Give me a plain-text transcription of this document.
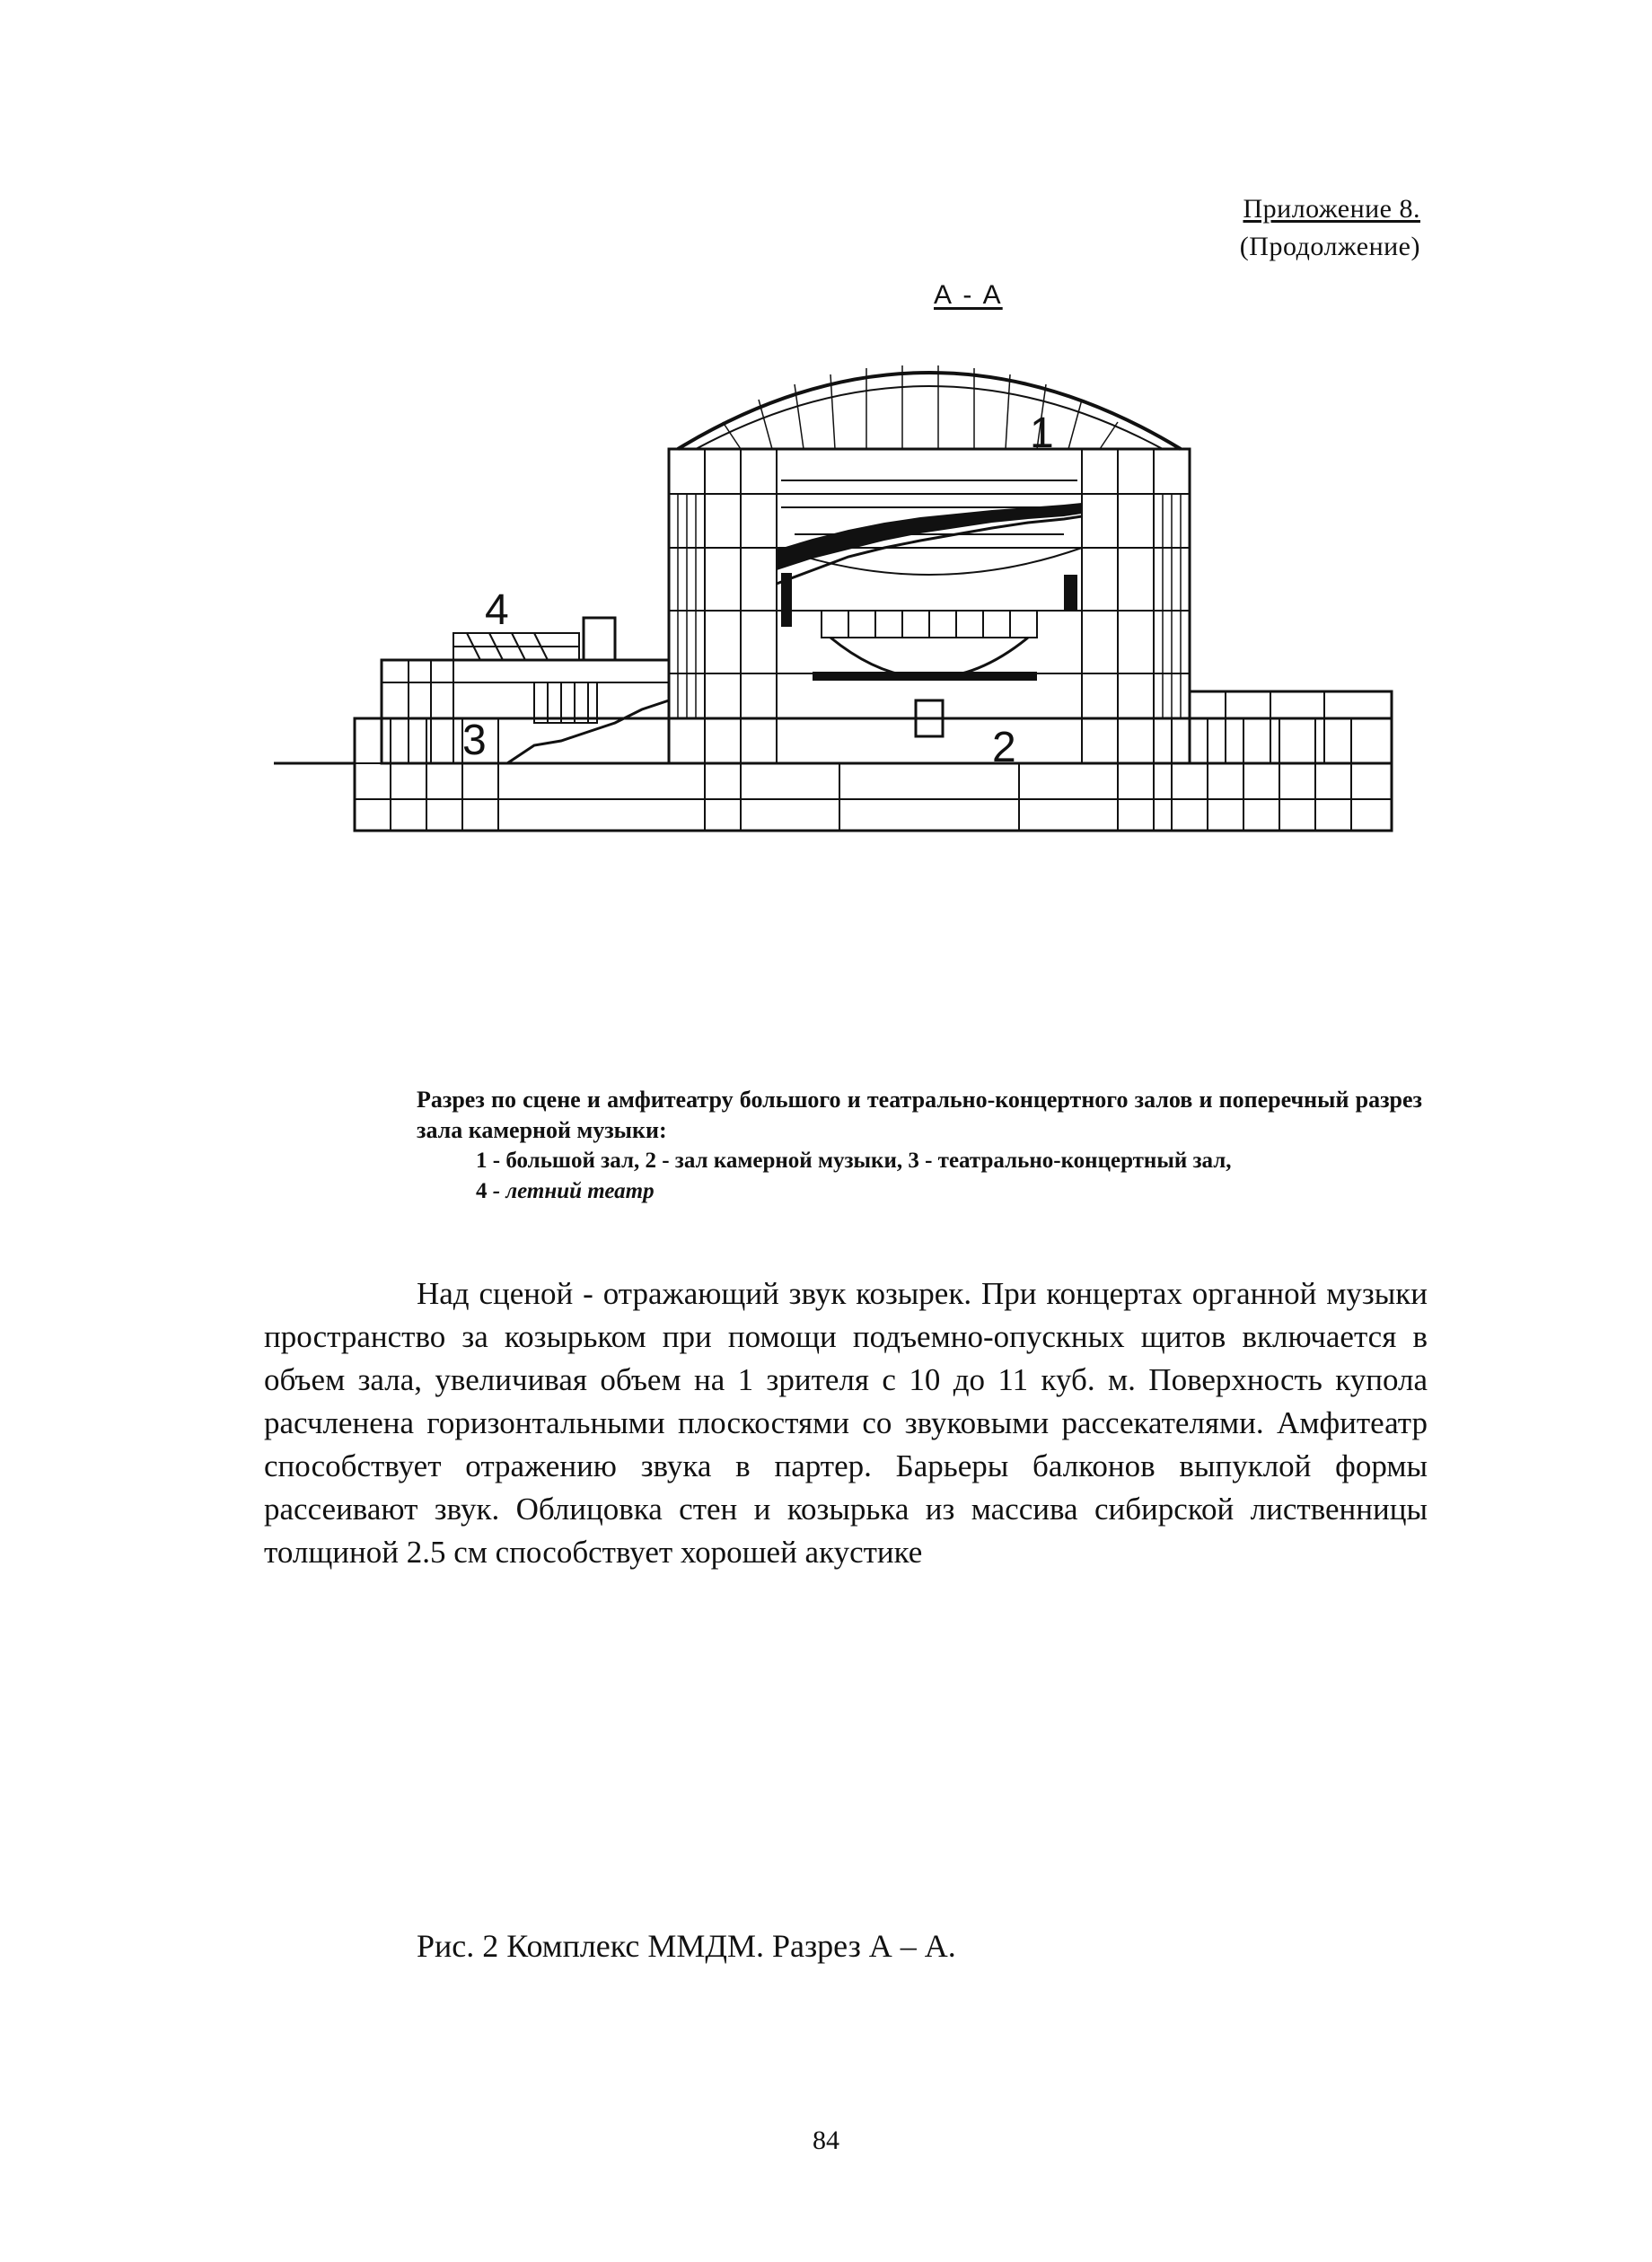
Приложение 8.
(Продолжение)
А - А
4
3
1
2
Разрез по сцене и амфитеатру большого и театрально-концертного залов и поперечный разрез зала камерной музыки:
1 - большой зал, 2 - зал камерной музыки, 3 - театрально-концертный зал,
4 - летний театр

Над сценой - отражающий звук козырек. При концертах органной музыки пространство за козырьком при помощи подъемно-опускных щитов включается в объем зала, увеличивая объем на 1 зрителя с 10 до 11 куб. м. Поверхность купола расчленена горизонтальными плоскостями со звуковыми рассекателями. Амфитеатр способствует отражению звука в партер. Барьеры балконов выпуклой формы рассеивают звук. Облицовка стен и козырька из массива сибирской лиственницы толщиной 2.5 см способствует хорошей акустике

Рис. 2 Комплекс ММДМ. Разрез А – А.
84
